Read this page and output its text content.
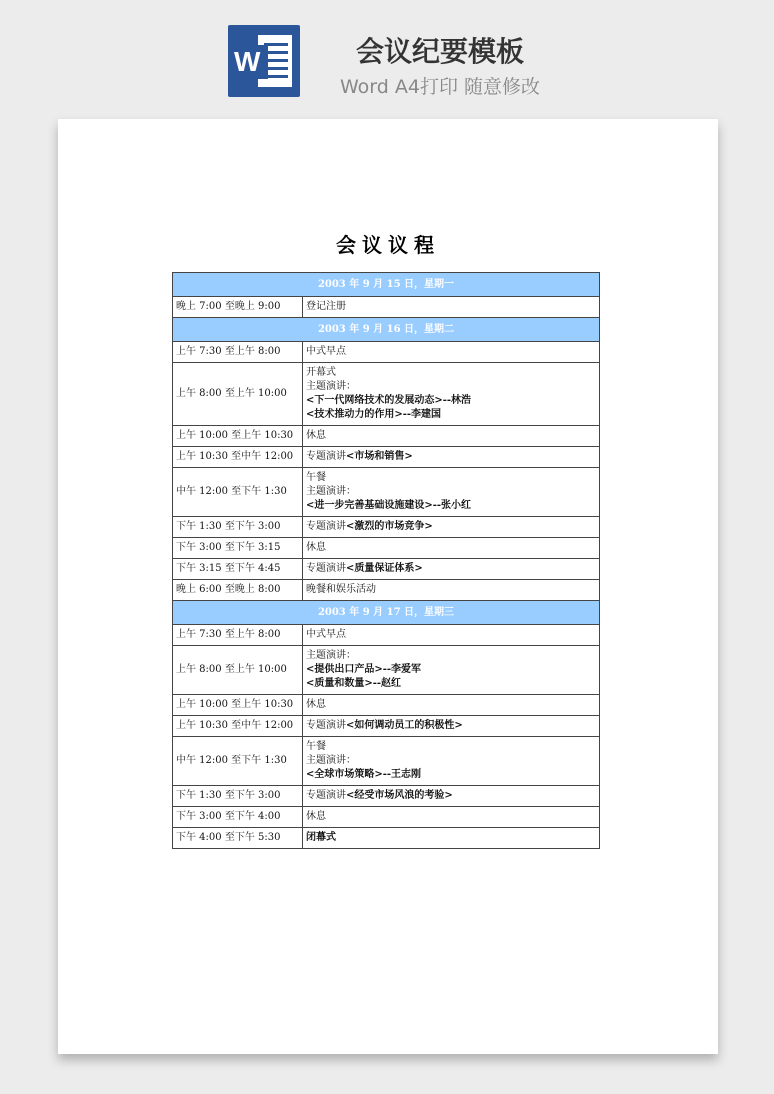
W	会议纪要模板
Word A4打印 随意修改
会议议程
2003 年 9 月 15 日，星期一	
晚上 7:00 至晚上 9:00	登记注册

2003 年 9 月 16 日，星期二	
上午 7:30 至上午 8:00	中式早点

上午 8:00 至上午 10:00	开幕式
主题演讲：
<下一代网络技术的发展动态>--林浩
<技术推动力的作用>--李建国

上午 10:00 至上午 10:30	休息

上午 10:30 至中午 12:00	专题演讲<市场和销售>

中午 12:00 至下午 1:30	午餐
主题演讲：
<进一步完善基础设施建设>--张小红

下午 1:30 至下午 3:00	专题演讲<激烈的市场竞争>

下午 3:00 至下午 3:15	休息

下午 3:15 至下午 4:45	专题演讲<质量保证体系>

晚上 6:00 至晚上 8:00	晚餐和娱乐活动

2003 年 9 月 17 日，星期三	
上午 7:30 至上午 8:00	中式早点

上午 8:00 至上午 10:00	主题演讲：
<提供出口产品>--李爱军
<质量和数量>--赵红

上午 10:00 至上午 10:30	休息

上午 10:30 至中午 12:00	专题演讲<如何调动员工的积极性>

中午 12:00 至下午 1:30	午餐
主题演讲：
<全球市场策略>--王志刚

下午 1:30 至下午 3:00	专题演讲<经受市场风浪的考验>

下午 3:00 至下午 4:00	休息

下午 4:00 至下午 5:30	闭幕式
